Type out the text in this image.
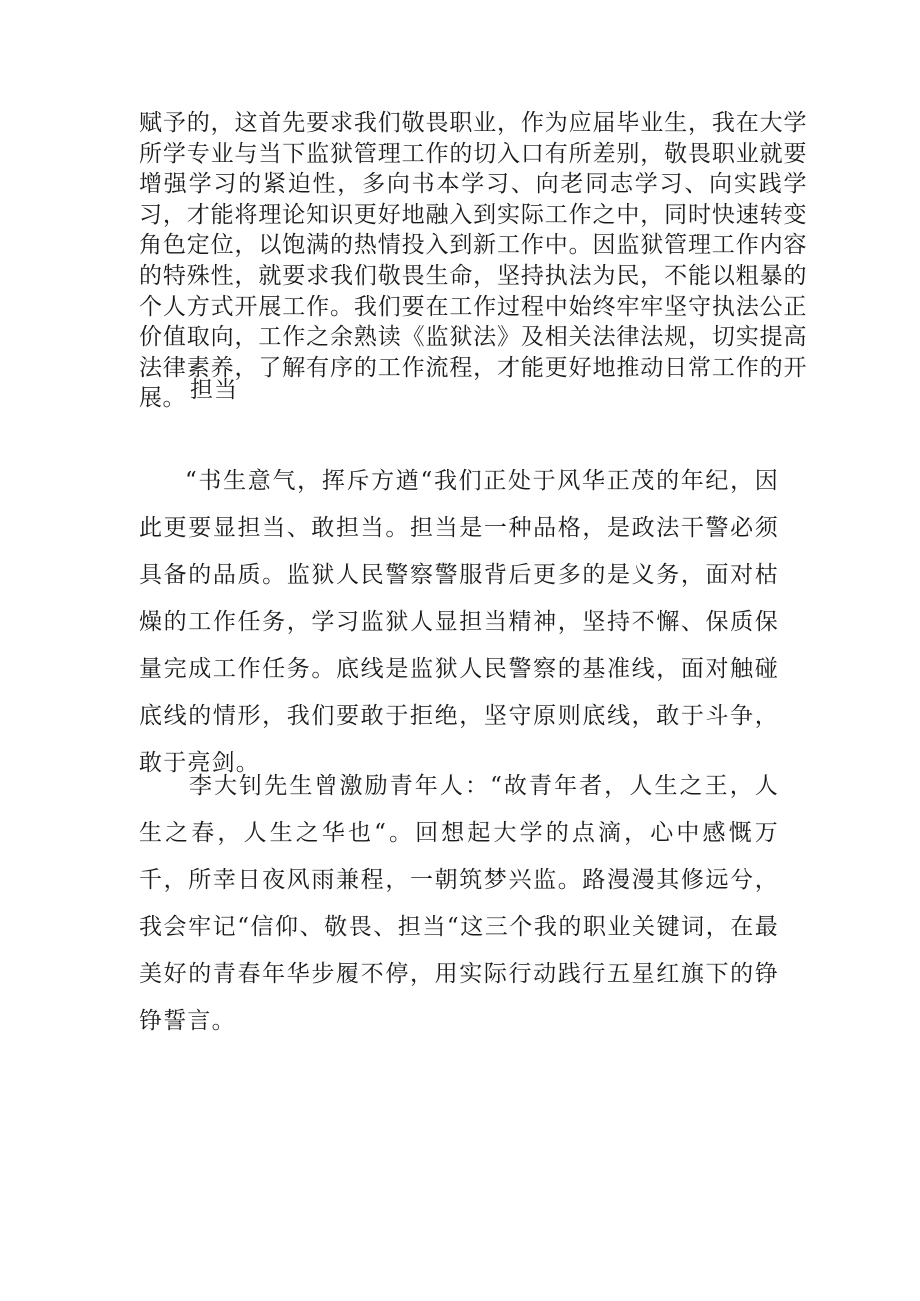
赋予的，这首先要求我们敬畏职业，作为应届毕业生，我在大学所学专业与当下监狱管理工作的切入口有所差别，敬畏职业就要增强学习的紧迫性，多向书本学习、向老同志学习、向实践学习，才能将理论知识更好地融入到实际工作之中，同时快速转变角色定位，以饱满的热情投入到新工作中。因监狱管理工作内容的特殊性，就要求我们敬畏生命，坚持执法为民，不能以粗暴的个人方式开展工作。我们要在工作过程中始终牢牢坚守执法公正价值取向，工作之余熟读《监狱法》及相关法律法规，切实提高法律素养，了解有序的工作流程，才能更好地推动日常工作的开展。 担当

“书生意气，挥斥方遒“我们正处于风华正茂的年纪，因此更要显担当、敢担当。担当是一种品格，是政法干警必须具备的品质。监狱人民警察警服背后更多的是义务，面对枯燥的工作任务，学习监狱人显担当精神，坚持不懈、保质保量完成工作任务。底线是监狱人民警察的基准线，面对触碰底线的情形，我们要敢于拒绝，坚守原则底线，敢于斗争，敢于亮剑。

李大钊先生曾激励青年人：“故青年者，人生之王，人生之春，人生之华也“。回想起大学的点滴，心中感慨万千，所幸日夜风雨兼程，一朝筑梦兴监。路漫漫其修远兮，我会牢记“信仰、敬畏、担当“这三个我的职业关键词，在最美好的青春年华步履不停，用实际行动践行五星红旗下的铮铮誓言。
